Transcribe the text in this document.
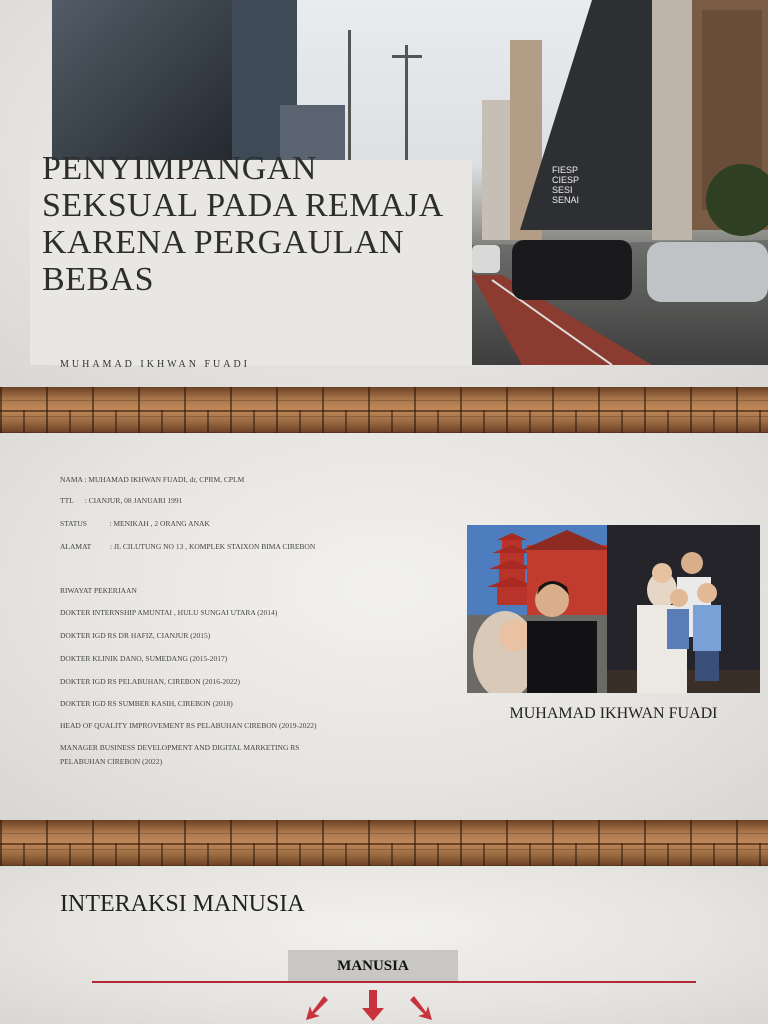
FIESP
CIESP
SESI
SENAI
PENYIMPANGAN SEKSUAL PADA REMAJA KARENA PERGAULAN BEBAS
MUHAMAD IKHWAN FUADI
NAMA : MUHAMAD IKHWAN FUADI, dr, CPRM, CPLM
TTL      : CIANJUR, 08 JANUARI 1991
STATUS            : MENIKAH , 2 ORANG ANAK
ALAMAT          : JL CILUTUNG NO 13 , KOMPLEK STAIXON BIMA CIREBON
RIWAYAT PEKERJAAN
DOKTER INTERNSHIP AMUNTAI , HULU SUNGAI UTARA (2014)
DOKTER IGD RS DR HAFIZ, CIANJUR (2015)
DOKTER KLINIK DANO, SUMEDANG (2015-2017)
DOKTER IGD RS PELABUHAN, CIREBON (2016-2022)
DOKTER IGD RS SUMBER KASIH, CIREBON (2018)
HEAD OF QUALITY IMPROVEMENT RS PELABUHAN CIREBON (2019-2022)
MANAGER BUSINESS DEVELOPMENT AND DIGITAL MARKETING RS
PELABUHAN CIREBON (2022)
MUHAMAD IKHWAN FUADI
INTERAKSI MANUSIA
MANUSIA
